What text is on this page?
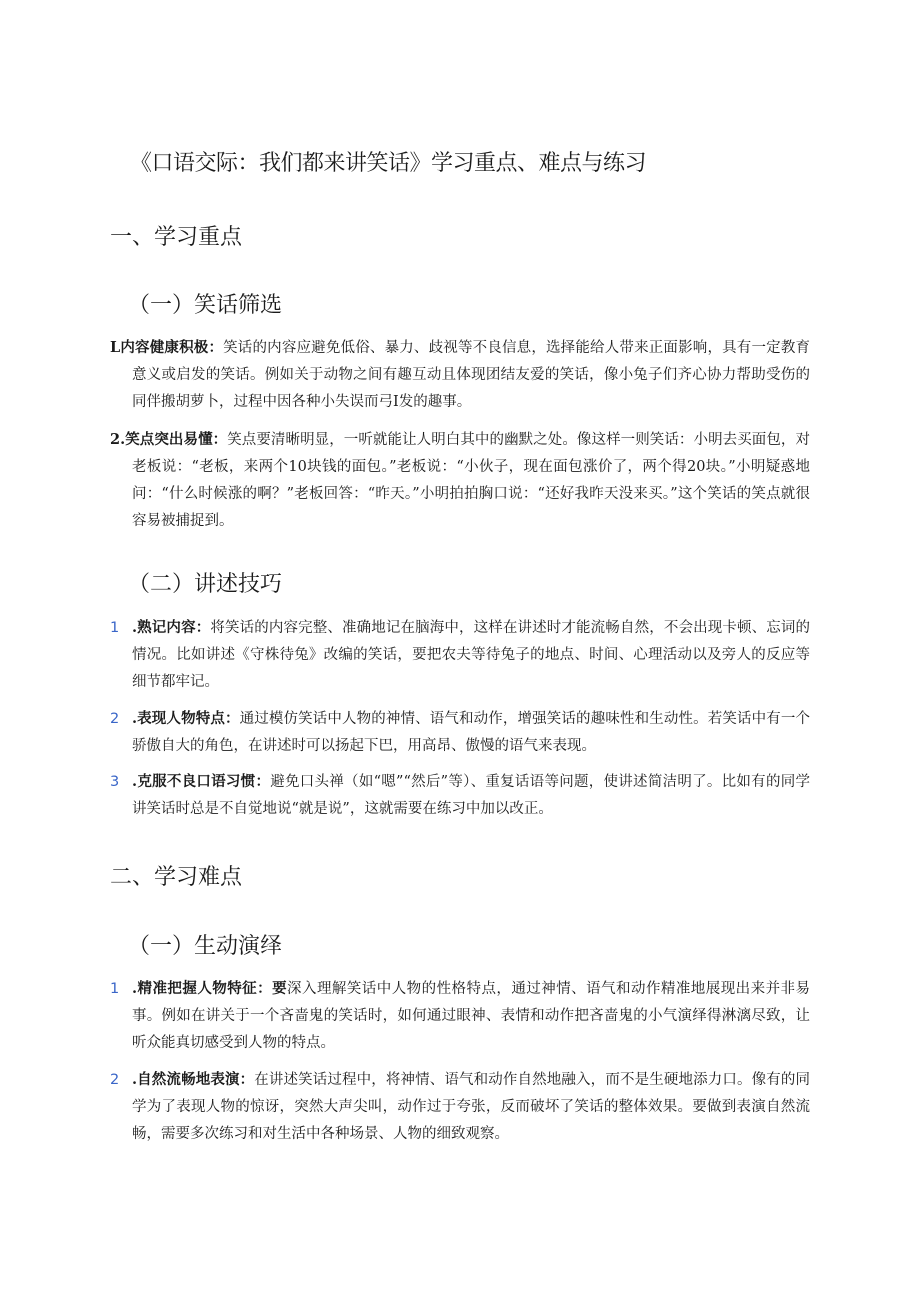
《口语交际：我们都来讲笑话》学习重点、难点与练习
一、学习重点
（一）笑话筛选

L内容健康积极：笑话的内容应避免低俗、暴力、歧视等不良信息，选择能给人带来正面影响，具有一定教育意义或启发的笑话。例如关于动物之间有趣互动且体现团结友爱的笑话，像小兔子们齐心协力帮助受伤的同伴搬胡萝卜，过程中因各种小失误而弓I发的趣事。

2.笑点突出易懂：笑点要清晰明显，一听就能让人明白其中的幽默之处。像这样一则笑话：小明去买面包，对老板说：“老板，来两个10块钱的面包。”老板说：“小伙子，现在面包涨价了，两个得20块。”小明疑惑地问：“什么时候涨的啊？”老板回答：“昨天。”小明拍拍胸口说：“还好我昨天没来买。”这个笑话的笑点就很容易被捕捉到。

（二）讲述技巧

1 .熟记内容：将笑话的内容完整、准确地记在脑海中，这样在讲述时才能流畅自然，不会出现卡顿、忘词的情况。比如讲述《守株待兔》改编的笑话，要把农夫等待兔子的地点、时间、心理活动以及旁人的反应等细节都牢记。

2 .表现人物特点：通过模仿笑话中人物的神情、语气和动作，增强笑话的趣味性和生动性。若笑话中有一个骄傲自大的角色，在讲述时可以扬起下巴，用高昂、傲慢的语气来表现。

3 .克服不良口语习惯：避免口头禅（如“嗯”“然后”等）、重复话语等问题，使讲述简洁明了。比如有的同学讲笑话时总是不自觉地说“就是说”，这就需要在练习中加以改正。

二、学习难点
（一）生动演绎

1 .精准把握人物特征：要深入理解笑话中人物的性格特点，通过神情、语气和动作精准地展现出来并非易事。例如在讲关于一个吝啬鬼的笑话时，如何通过眼神、表情和动作把吝啬鬼的小气演绎得淋漓尽致，让听众能真切感受到人物的特点。

2 .自然流畅地表演：在讲述笑话过程中，将神情、语气和动作自然地融入，而不是生硬地添力口。像有的同学为了表现人物的惊讶，突然大声尖叫，动作过于夸张，反而破坏了笑话的整体效果。要做到表演自然流畅，需要多次练习和对生活中各种场景、人物的细致观察。
